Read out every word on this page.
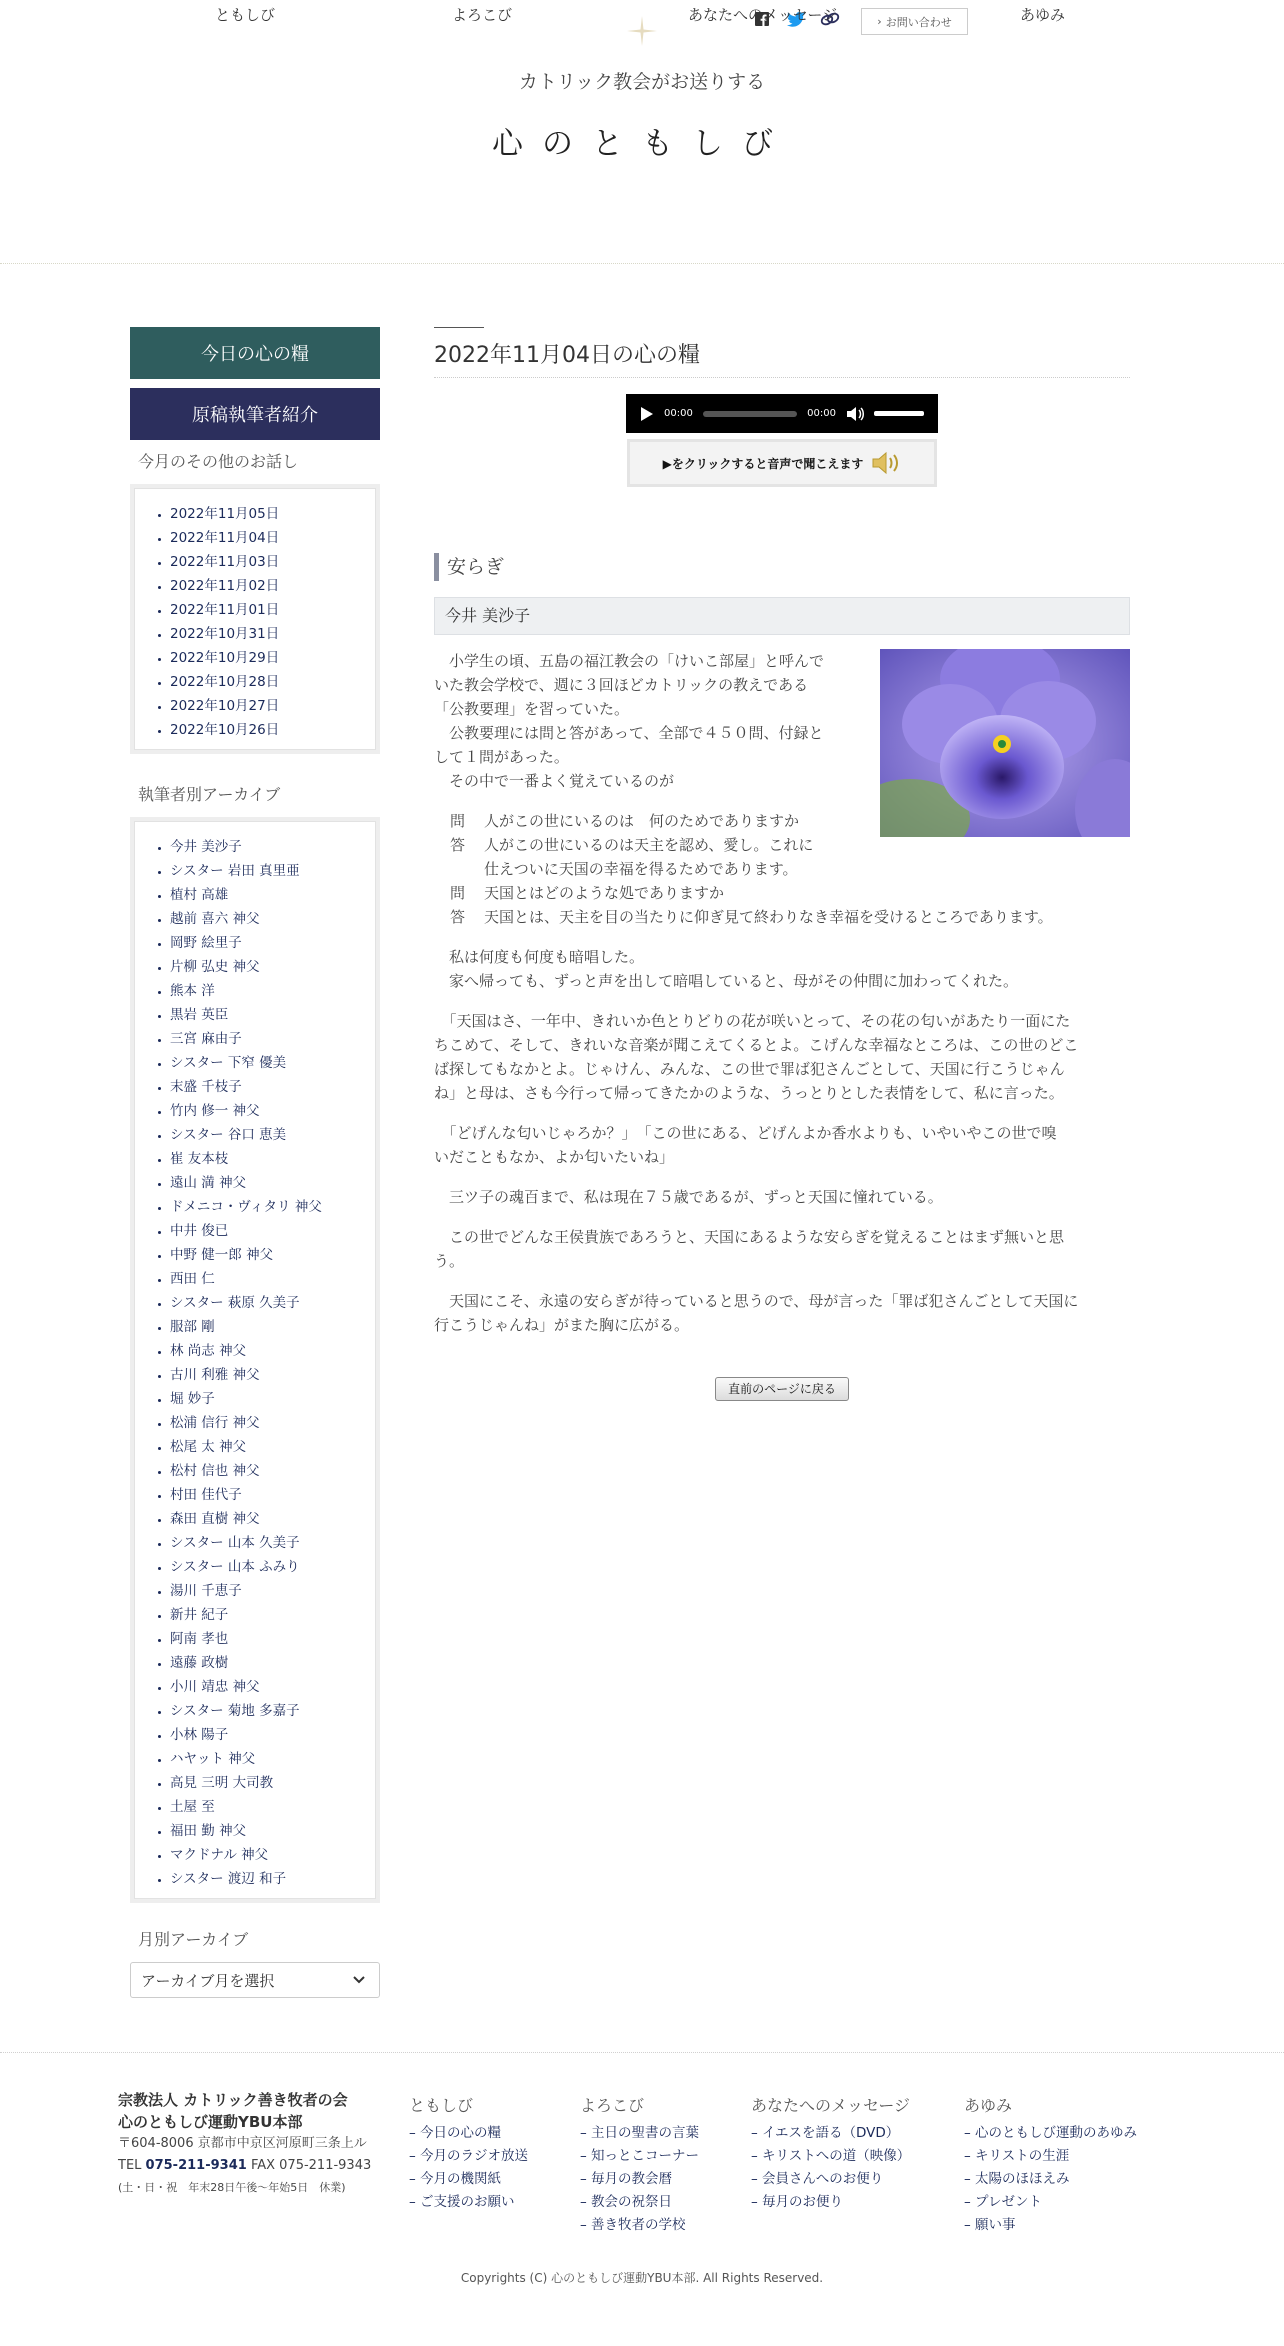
› お問い合わせ
カトリック教会がお送りする
心のともしび
ともしび	よろこび	あなたへのメッセージ	あゆみ
今日の心の糧
原稿執筆者紹介
今月のその他のお話し
• 2022年11月05日
• 2022年11月04日
• 2022年11月03日
• 2022年11月02日
• 2022年11月01日
• 2022年10月31日
• 2022年10月29日
• 2022年10月28日
• 2022年10月27日
• 2022年10月26日
執筆者別アーカイブ
• 今井 美沙子
• シスター 岩田 真里亜
• 植村 高雄
• 越前 喜六 神父
• 岡野 絵里子
• 片柳 弘史 神父
• 熊本 洋
• 黒岩 英臣
• 三宮 麻由子
• シスター 下窄 優美
• 末盛 千枝子
• 竹内 修一 神父
• シスター 谷口 恵美
• 崔 友本枝
• 遠山 満 神父
• ドメニコ・ヴィタリ 神父
• 中井 俊已
• 中野 健一郎 神父
• 西田 仁
• シスター 萩原 久美子
• 服部 剛
• 林 尚志 神父
• 古川 利雅 神父
• 堀 妙子
• 松浦 信行 神父
• 松尾 太 神父
• 松村 信也 神父
• 村田 佳代子
• 森田 直樹 神父
• シスター 山本 久美子
• シスター 山本 ふみり
• 湯川 千恵子
• 新井 紀子
• 阿南 孝也
• 遠藤 政樹
• 小川 靖忠 神父
• シスター 菊地 多嘉子
• 小林 陽子
• ハヤット 神父
• 高見 三明 大司教
• 土屋 至
• 福田 勤 神父
• マクドナル 神父
• シスター 渡辺 和子
月別アーカイブ
アーカイブ月を選択
2022年11月04日の心の糧
00:00	00:00
▶をクリックすると音声で聞こえます
安らぎ
今井 美沙子
　小学生の頃、五島の福江教会の「けいこ部屋」と呼んで
いた教会学校で、週に３回ほどカトリックの教えである
「公教要理」を習っていた。
　公教要理には問と答があって、全部で４５０問、付録と
して１問があった。
　その中で一番よく覚えているのが
問	人がこの世にいるのは　何のためでありますか
答	人がこの世にいるのは天主を認め、愛し。これに
仕えついに天国の幸福を得るためであります。
問	天国とはどのような処でありますか
答	天国とは、天主を目の当たりに仰ぎ見て終わりなき幸福を受けるところであります。
　私は何度も何度も暗唱した。
　家へ帰っても、ずっと声を出して暗唱していると、母がその仲間に加わってくれた。
　「天国はさ、一年中、きれいか色とりどりの花が咲いとって、その花の匂いがあたり一面にた
ちこめて、そして、きれいな音楽が聞こえてくるとよ。こげんな幸福なところは、この世のどこ
ば探してもなかとよ。じゃけん、みんな、この世で罪ば犯さんごとして、天国に行こうじゃん
ね」と母は、さも今行って帰ってきたかのような、うっとりとした表情をして、私に言った。
　「どげんな匂いじゃろか？」　「この世にある、どげんよか香水よりも、いやいやこの世で嗅
いだこともなか、よか匂いたいね」
　三ツ子の魂百まで、私は現在７５歳であるが、ずっと天国に憧れている。
　この世でどんな王侯貴族であろうと、天国にあるような安らぎを覚えることはまず無いと思
う。
　天国にこそ、永遠の安らぎが待っていると思うので、母が言った「罪ば犯さんごとして天国に
行こうじゃんね」がまた胸に広がる。
直前のページに戻る
宗教法人 カトリック善き牧者の会
心のともしび運動YBU本部
〒604-8006 京都市中京区河原町三条上ル
TEL 075-211-9341 FAX 075-211-9343
(土・日・祝　年末28日午後〜年始5日　休業)
ともしび
– 今日の心の糧
– 今月のラジオ放送
– 今月の機関紙
– ご支援のお願い
よろこび
– 主日の聖書の言葉
– 知っとこコーナー
– 毎月の教会暦
– 教会の祝祭日
– 善き牧者の学校
あなたへのメッセージ
– イエスを語る（DVD）
– キリストへの道（映像）
– 会員さんへのお便り
– 毎月のお便り
あゆみ
– 心のともしび運動のあゆみ
– キリストの生涯
– 太陽のほほえみ
– プレゼント
– 願い事
Copyrights (C) 心のともしび運動YBU本部. All Rights Reserved.
